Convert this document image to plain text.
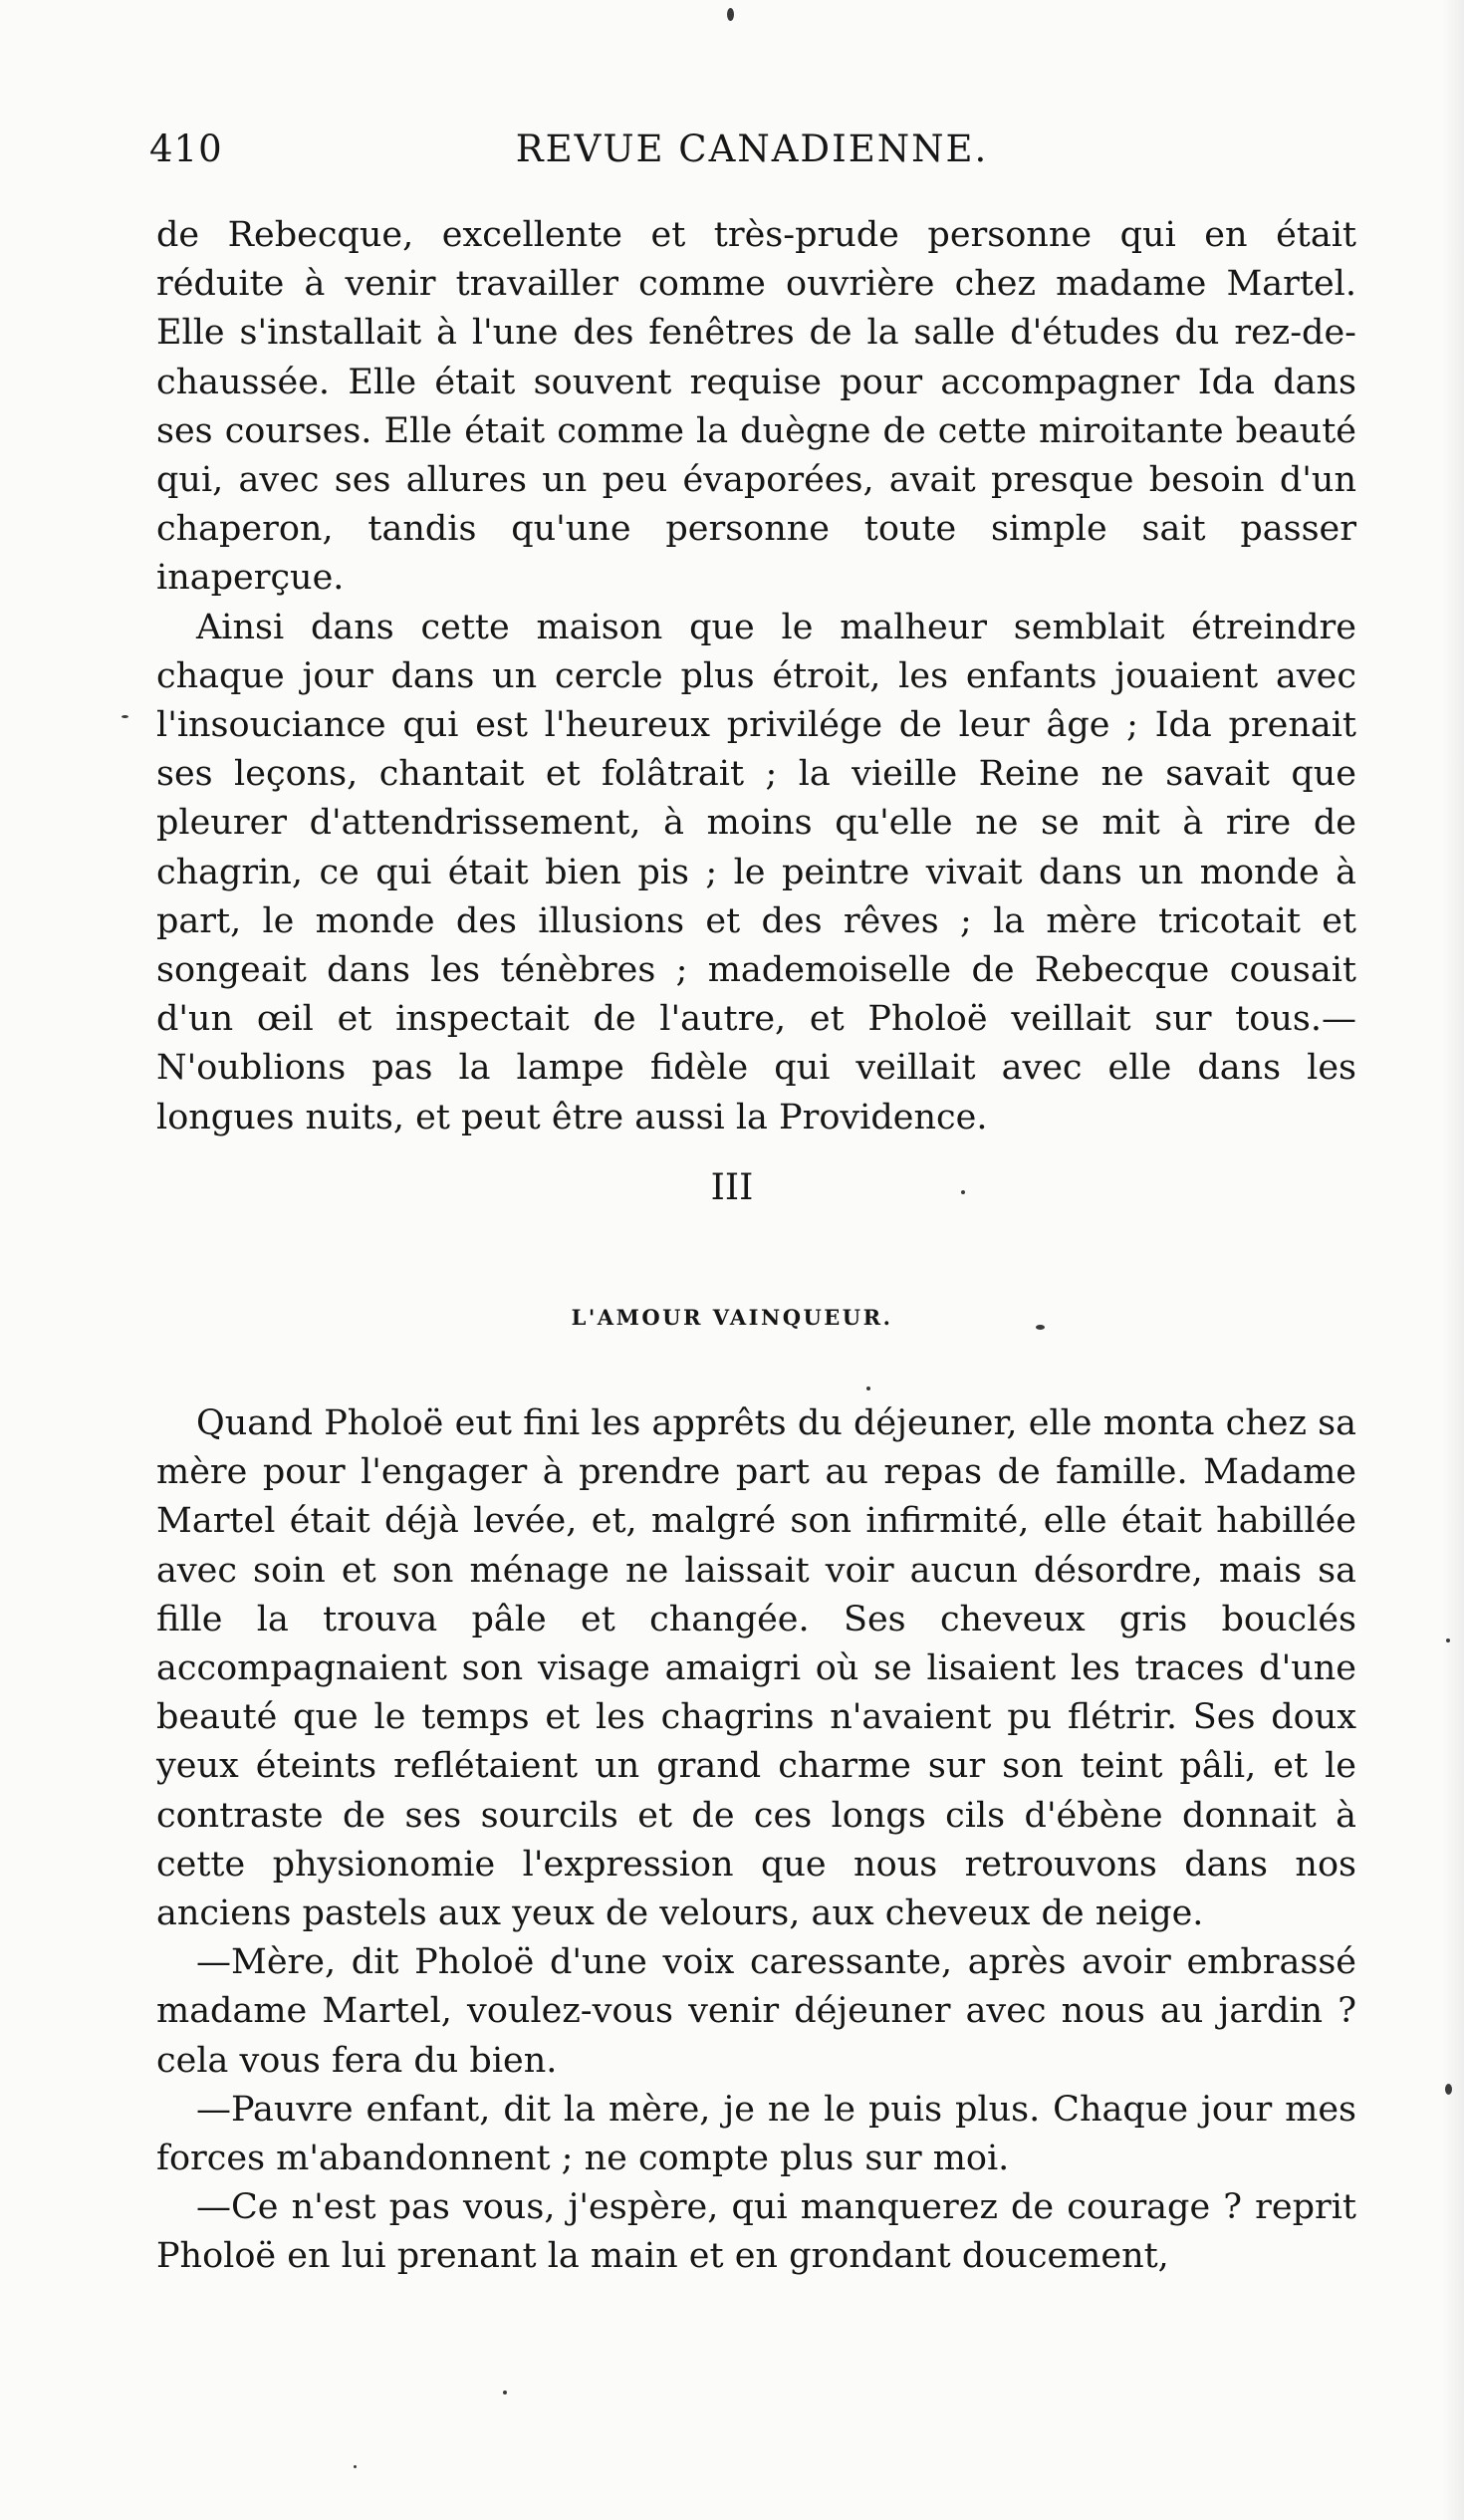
410	REVUE CANADIENNE.

de Rebecque, excellente et très-prude personne qui en était réduite à venir travailler comme ouvrière chez madame Martel. Elle s'installait à l'une des fenêtres de la salle d'études du rez-de-chaussée. Elle était souvent requise pour accompagner Ida dans ses courses. Elle était comme la duègne de cette miroitante beauté qui, avec ses allures un peu évaporées, avait presque besoin d'un chaperon, tandis qu'une personne toute simple sait passer inaperçue.

Ainsi dans cette maison que le malheur semblait étreindre chaque jour dans un cercle plus étroit, les enfants jouaient avec l'insouciance qui est l'heureux privilége de leur âge ; Ida prenait ses leçons, chantait et folâtrait ; la vieille Reine ne savait que pleurer d'attendrissement, à moins qu'elle ne se mit à rire de chagrin, ce qui était bien pis ; le peintre vivait dans un monde à part, le monde des illusions et des rêves ; la mère tricotait et songeait dans les ténèbres ; mademoiselle de Rebecque cousait d'un œil et inspectait de l'autre, et Pholoë veillait sur tous.—N'oublions pas la lampe fidèle qui veillait avec elle dans les longues nuits, et peut être aussi la Providence.

III
L'AMOUR VAINQUEUR.

Quand Pholoë eut fini les apprêts du déjeuner, elle monta chez sa mère pour l'engager à prendre part au repas de famille. Madame Martel était déjà levée, et, malgré son infirmité, elle était habillée avec soin et son ménage ne laissait voir aucun désordre, mais sa fille la trouva pâle et changée. Ses cheveux gris bouclés accompagnaient son visage amaigri où se lisaient les traces d'une beauté que le temps et les chagrins n'avaient pu flétrir. Ses doux yeux éteints reflétaient un grand charme sur son teint pâli, et le contraste de ses sourcils et de ces longs cils d'ébène donnait à cette physionomie l'expression que nous retrouvons dans nos anciens pastels aux yeux de velours, aux cheveux de neige.

—Mère, dit Pholoë d'une voix caressante, après avoir embrassé madame Martel, voulez-vous venir déjeuner avec nous au jardin ? cela vous fera du bien.

—Pauvre enfant, dit la mère, je ne le puis plus. Chaque jour mes forces m'abandonnent ; ne compte plus sur moi.

—Ce n'est pas vous, j'espère, qui manquerez de courage ? reprit Pholoë en lui prenant la main et en grondant doucement,
